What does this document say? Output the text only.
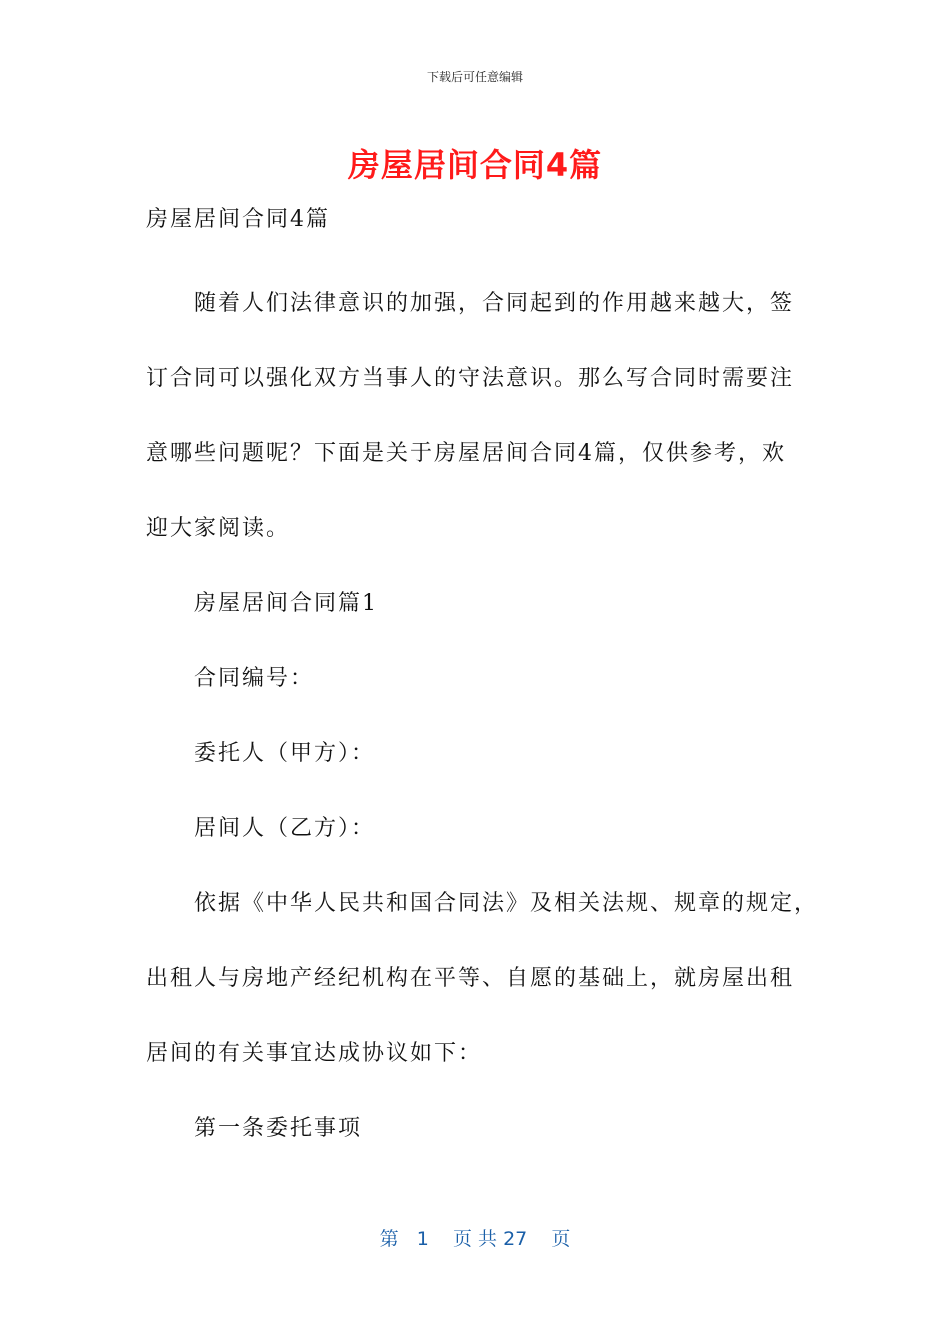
下载后可任意编辑
房屋居间合同4篇
房屋居间合同4篇
随着人们法律意识的加强，合同起到的作用越来越大，签
订合同可以强化双方当事人的守法意识。那么写合同时需要注
意哪些问题呢？下面是关于房屋居间合同4篇，仅供参考，欢
迎大家阅读。
房屋居间合同篇1
合同编号：
委托人（甲方）：
居间人（乙方）：
依据《中华人民共和国合同法》及相关法规、规章的规定，
出租人与房地产经纪机构在平等、自愿的基础上，就房屋出租
居间的有关事宜达成协议如下：
第一条委托事项
第 1 页 共 27 页
